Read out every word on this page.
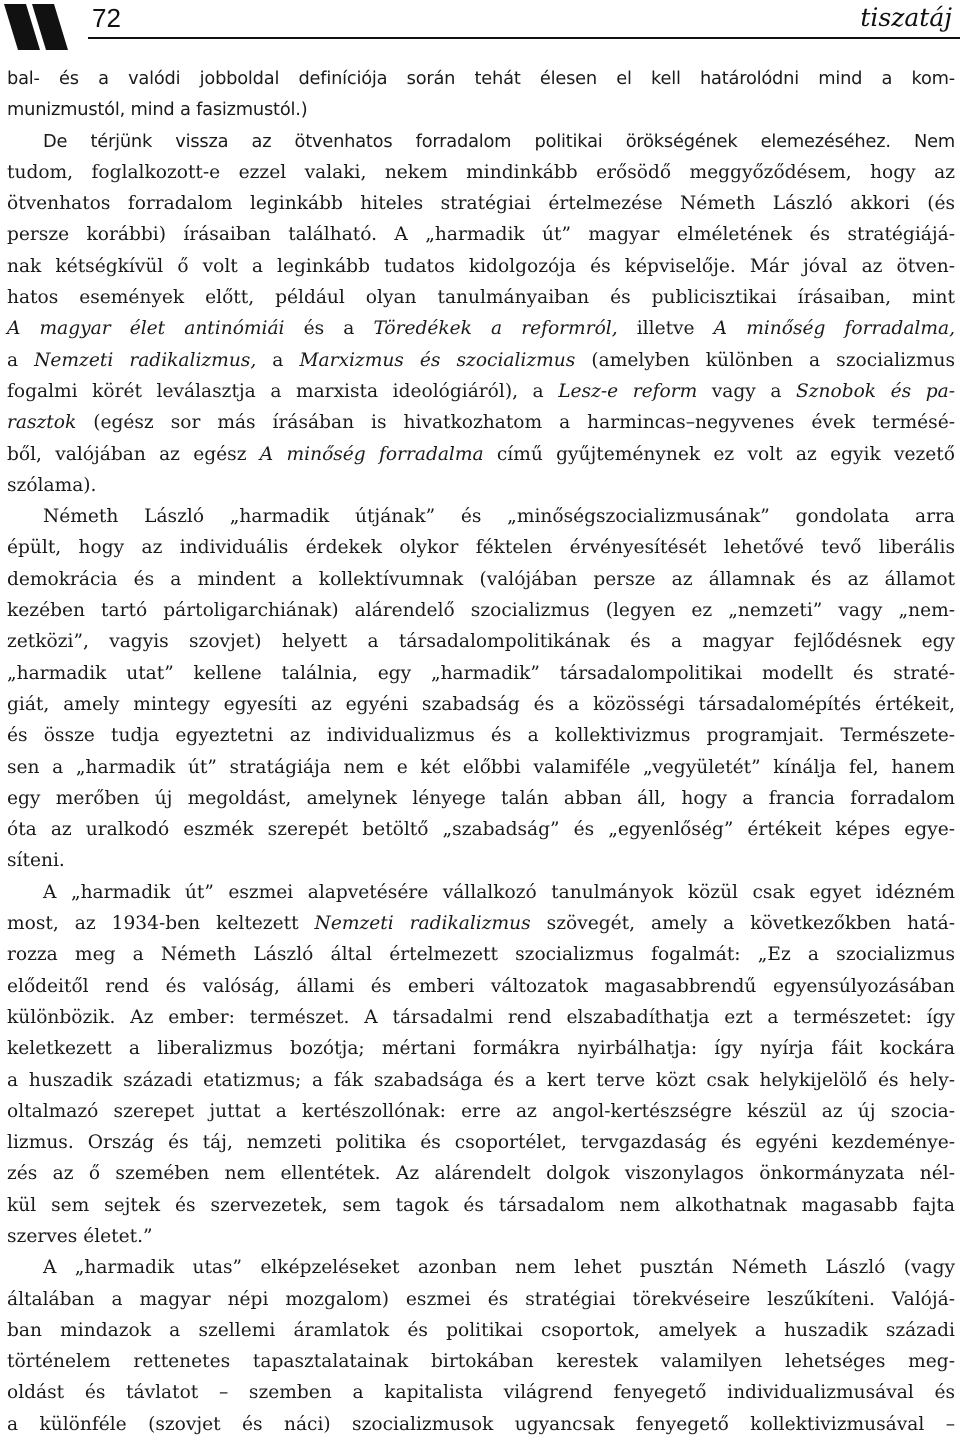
72	tiszatáj
bal- és a valódi jobboldal definíciója során tehát élesen el kell határolódni mind a kom-
munizmustól, mind a fasizmustól.)
De térjünk vissza az ötvenhatos forradalom politikai örökségének elemezéséhez. Nem
tudom, foglalkozott-e ezzel valaki, nekem mindinkább erősödő meggyőződésem, hogy az
ötvenhatos forradalom leginkább hiteles stratégiai értelmezése Németh László akkori (és
persze korábbi) írásaiban található. A „harmadik út” magyar elméletének és stratégiájá-
nak kétségkívül ő volt a leginkább tudatos kidolgozója és képviselője. Már jóval az ötven-
hatos események előtt, például olyan tanulmányaiban és publicisztikai írásaiban, mint
A magyar élet antinómiái és a Töredékek a reformról, illetve A minőség forradalma,
a Nemzeti radikalizmus, a Marxizmus és szocializmus (amelyben különben a szocializmus
fogalmi körét leválasztja a marxista ideológiáról), a Lesz-e reform vagy a Sznobok és pa-
rasztok (egész sor más írásában is hivatkozhatom a harmincas–negyvenes évek termésé-
ből, valójában az egész A minőség forradalma című gyűjteménynek ez volt az egyik vezető
szólama).
Németh László „harmadik útjának” és „minőségszocializmusának” gondolata arra
épült, hogy az individuális érdekek olykor féktelen érvényesítését lehetővé tevő liberális
demokrácia és a mindent a kollektívumnak (valójában persze az államnak és az államot
kezében tartó pártoligarchiának) alárendelő szocializmus (legyen ez „nemzeti” vagy „nem-
zetközi”, vagyis szovjet) helyett a társadalompolitikának és a magyar fejlődésnek egy
„harmadik utat” kellene találnia, egy „harmadik” társadalompolitikai modellt és straté-
giát, amely mintegy egyesíti az egyéni szabadság és a közösségi társadalomépítés értékeit,
és össze tudja egyeztetni az individualizmus és a kollektivizmus programjait. Természete-
sen a „harmadik út” stratágiája nem e két előbbi valamiféle „vegyületét” kínálja fel, hanem
egy merőben új megoldást, amelynek lényege talán abban áll, hogy a francia forradalom
óta az uralkodó eszmék szerepét betöltő „szabadság” és „egyenlőség” értékeit képes egye-
síteni.
A „harmadik út” eszmei alapvetésére vállalkozó tanulmányok közül csak egyet idézném
most, az 1934-ben keltezett Nemzeti radikalizmus szövegét, amely a következőkben hatá-
rozza meg a Németh László által értelmezett szocializmus fogalmát: „Ez a szocializmus
elődeitől rend és valóság, állami és emberi változatok magasabbrendű egyensúlyozásában
különbözik. Az ember: természet. A társadalmi rend elszabadíthatja ezt a természetet: így
keletkezett a liberalizmus bozótja; mértani formákra nyirbálhatja: így nyírja fáit kockára
a huszadik századi etatizmus; a fák szabadsága és a kert terve közt csak helykijelölő és hely-
oltalmazó szerepet juttat a kertészollónak: erre az angol-kertészségre készül az új szocia-
lizmus. Ország és táj, nemzeti politika és csoportélet, tervgazdaság és egyéni kezdeménye-
zés az ő szemében nem ellentétek. Az alárendelt dolgok viszonylagos önkormányzata nél-
kül sem sejtek és szervezetek, sem tagok és társadalom nem alkothatnak magasabb fajta
szerves életet.”
A „harmadik utas” elképzeléseket azonban nem lehet pusztán Németh László (vagy
általában a magyar népi mozgalom) eszmei és stratégiai törekvéseire leszűkíteni. Valójá-
ban mindazok a szellemi áramlatok és politikai csoportok, amelyek a huszadik századi
történelem rettenetes tapasztalatainak birtokában kerestek valamilyen lehetséges meg-
oldást és távlatot – szemben a kapitalista világrend fenyegető individualizmusával és
a különféle (szovjet és náci) szocializmusok ugyancsak fenyegető kollektivizmusával –
